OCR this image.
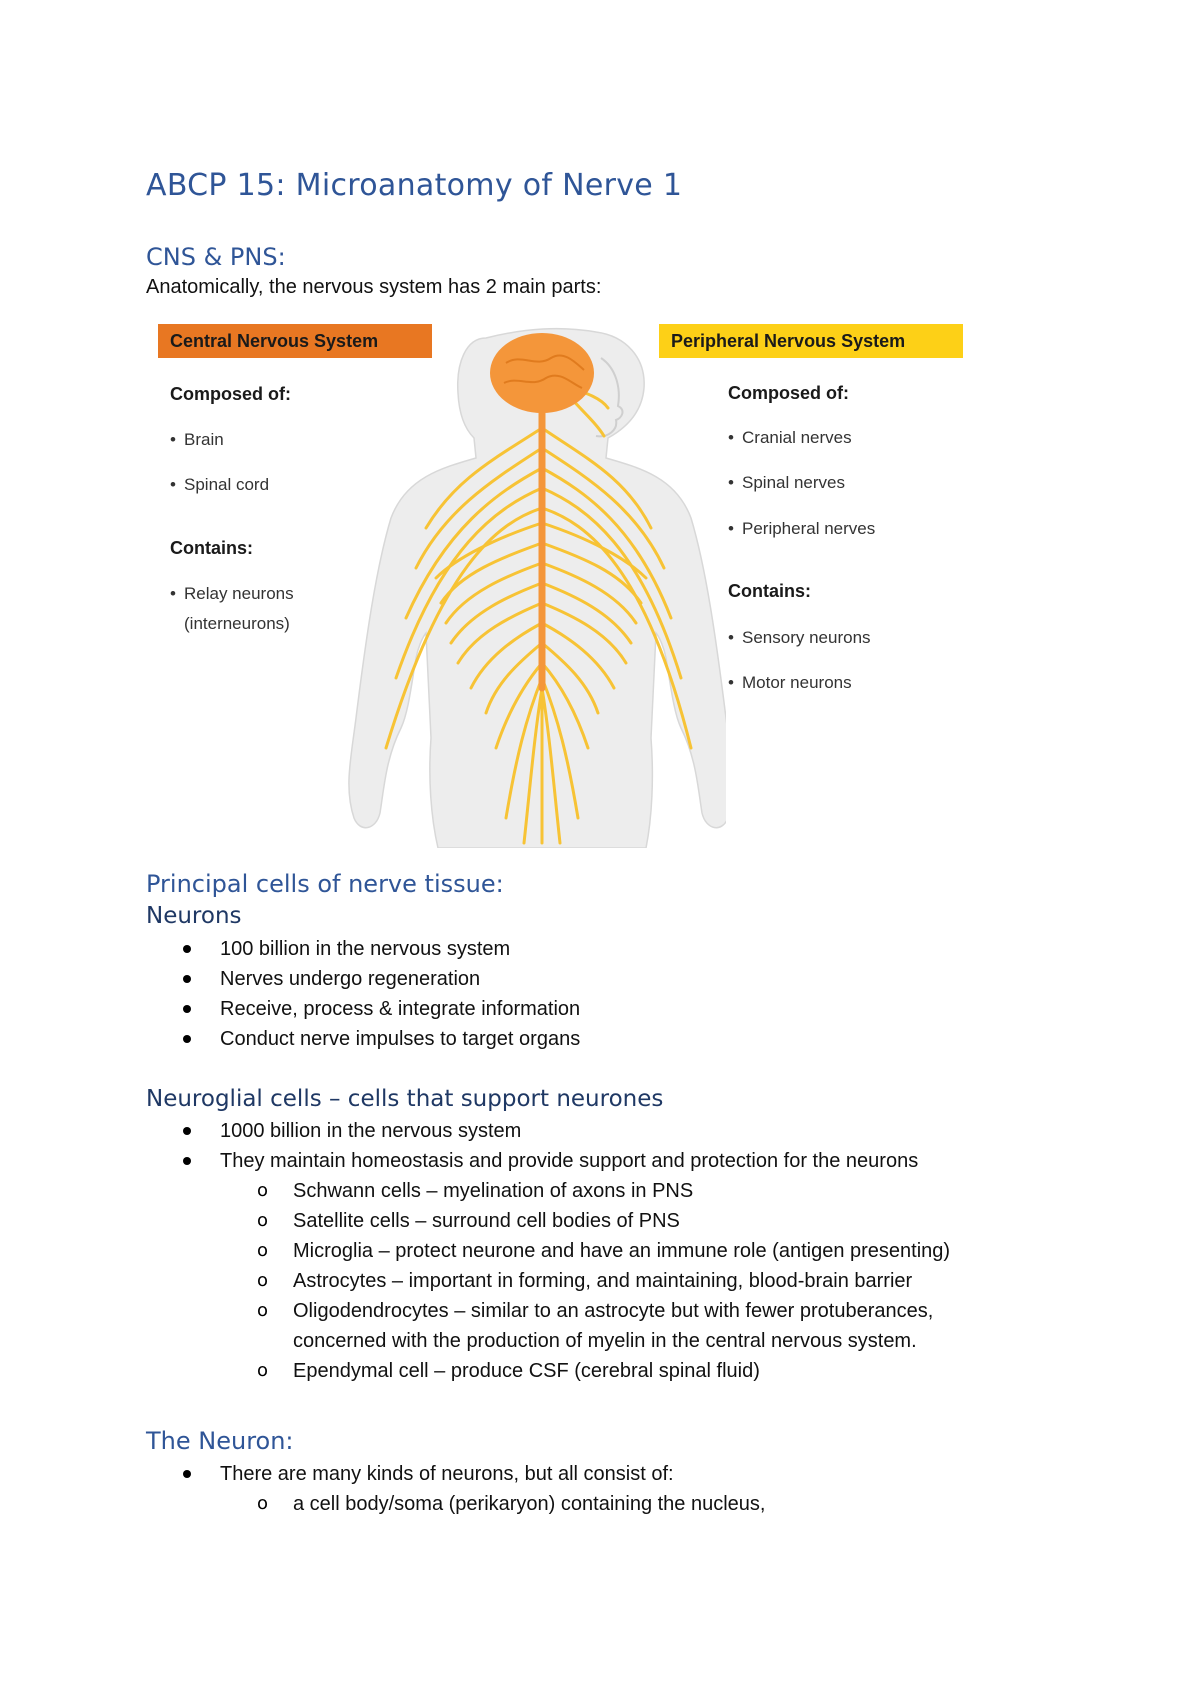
ABCP 15: Microanatomy of Nerve 1
CNS & PNS:
Anatomically, the nervous system has 2 main parts:
Central Nervous System
Composed of:
• Brain
• Spinal cord
Contains:
• Relay neurons
(interneurons)
Peripheral Nervous System
Composed of:
• Cranial nerves
• Spinal nerves
• Peripheral nerves
Contains:
• Sensory neurons
• Motor neurons
Principal cells of nerve tissue:
Neurons
100 billion in the nervous system
Nerves undergo regeneration
Receive, process & integrate information
Conduct nerve impulses to target organs
Neuroglial cells – cells that support neurones
1000 billion in the nervous system
They maintain homeostasis and provide support and protection for the neurons
o Schwann cells – myelination of axons in PNS
o Satellite cells – surround cell bodies of PNS
o Microglia – protect neurone and have an immune role (antigen presenting)
o Astrocytes – important in forming, and maintaining, blood-brain barrier
o Oligodendrocytes – similar to an astrocyte but with fewer protuberances,
concerned with the production of myelin in the central nervous system.
o Ependymal cell – produce CSF (cerebral spinal fluid)
The Neuron:
There are many kinds of neurons, but all consist of:
o a cell body/soma (perikaryon) containing the nucleus,
